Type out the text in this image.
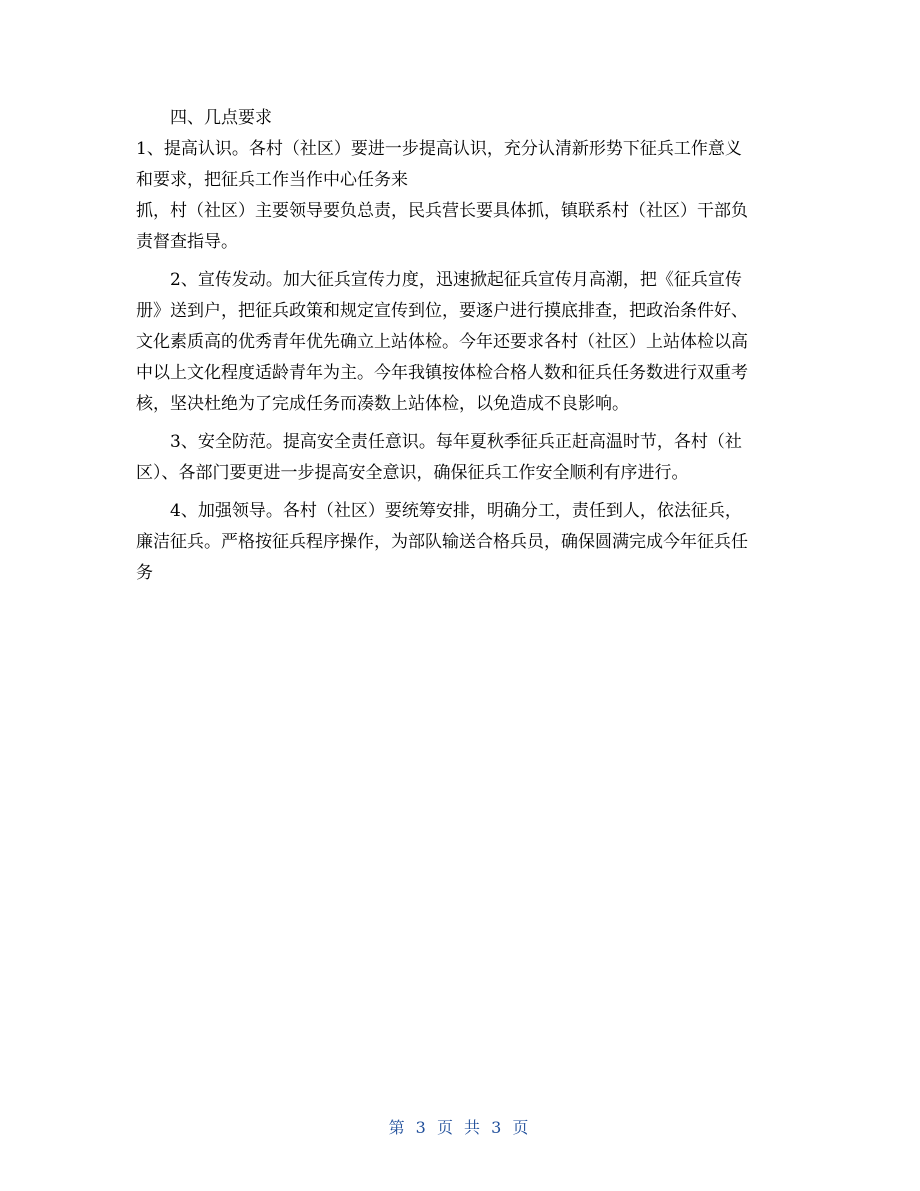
四、几点要求
1、提高认识。各村（社区）要进一步提高认识，充分认清新形势下征兵工作意义
和要求，把征兵工作当作中心任务来
抓，村（社区）主要领导要负总责，民兵营长要具体抓，镇联系村（社区）干部负
责督查指导。
2、宣传发动。加大征兵宣传力度，迅速掀起征兵宣传月高潮，把《征兵宣传
册》送到户，把征兵政策和规定宣传到位，要逐户进行摸底排查，把政治条件好、
文化素质高的优秀青年优先确立上站体检。今年还要求各村（社区）上站体检以高
中以上文化程度适龄青年为主。今年我镇按体检合格人数和征兵任务数进行双重考
核，坚决杜绝为了完成任务而凑数上站体检，以免造成不良影响。
3、安全防范。提高安全责任意识。每年夏秋季征兵正赶高温时节，各村（社
区）、各部门要更进一步提高安全意识，确保征兵工作安全顺利有序进行。
4、加强领导。各村（社区）要统筹安排，明确分工，责任到人，依法征兵，
廉洁征兵。严格按征兵程序操作，为部队输送合格兵员，确保圆满完成今年征兵任
务
第 3 页 共 3 页
